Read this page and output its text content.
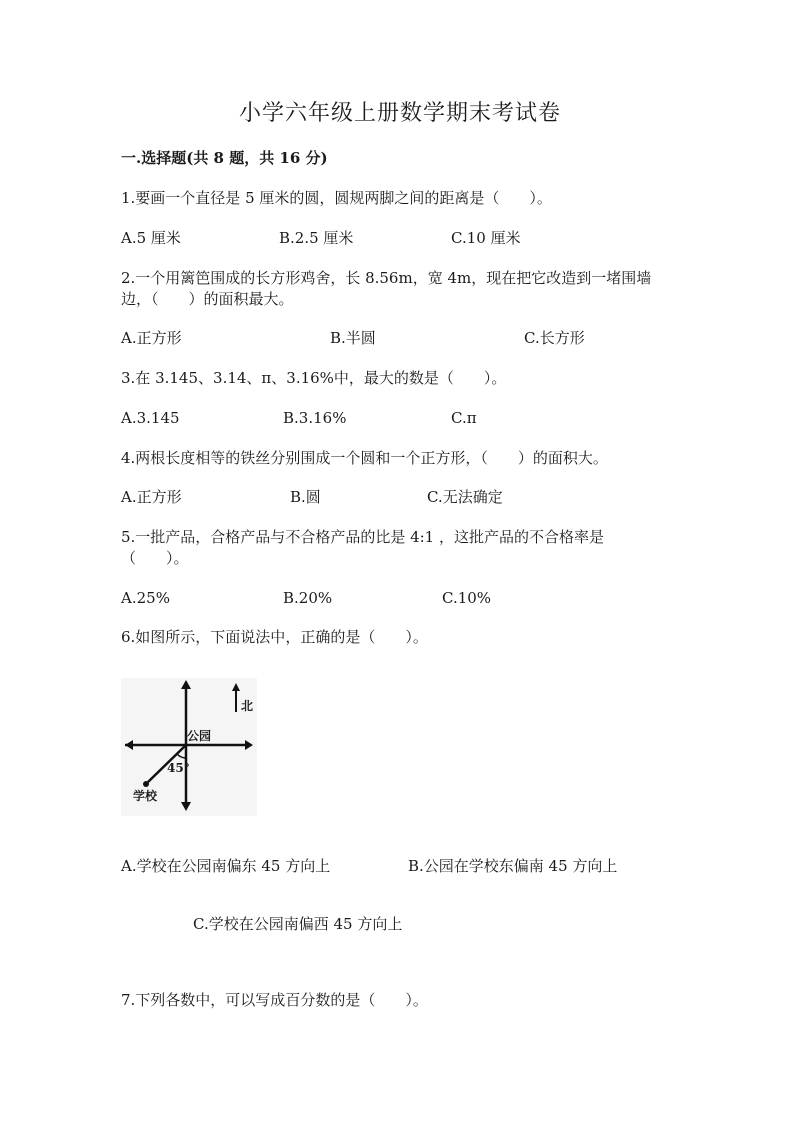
小学六年级上册数学期末考试卷
一.选择题(共 8 题，共 16 分)
1.要画一个直径是 5 厘米的圆，圆规两脚之间的距离是（　　）。
A.5 厘米	B.2.5 厘米	C.10 厘米
2.一个用篱笆围成的长方形鸡舍，长 8.56m，宽 4m，现在把它改造到一堵围墙
边，（　　）的面积最大。
A.正方形	B.半圆	C.长方形
3.在 3.145、3.14、π、3.16%中，最大的数是（　　）。
A.3.145	B.3.16%	C.π
4.两根长度相等的铁丝分别围成一个圆和一个正方形，（　　）的面积大。
A.正方形	B.圆	C.无法确定
5.一批产品，合格产品与不合格产品的比是 4:1 ，这批产品的不合格率是
（　　）。
A.25%	B.20%	C.10%
6.如图所示，下面说法中，正确的是（　　）。
北
公园
45°
学校
A.学校在公园南偏东 45 方向上	B.公园在学校东偏南 45 方向上
C.学校在公园南偏西 45 方向上
7.下列各数中，可以写成百分数的是（　　）。
